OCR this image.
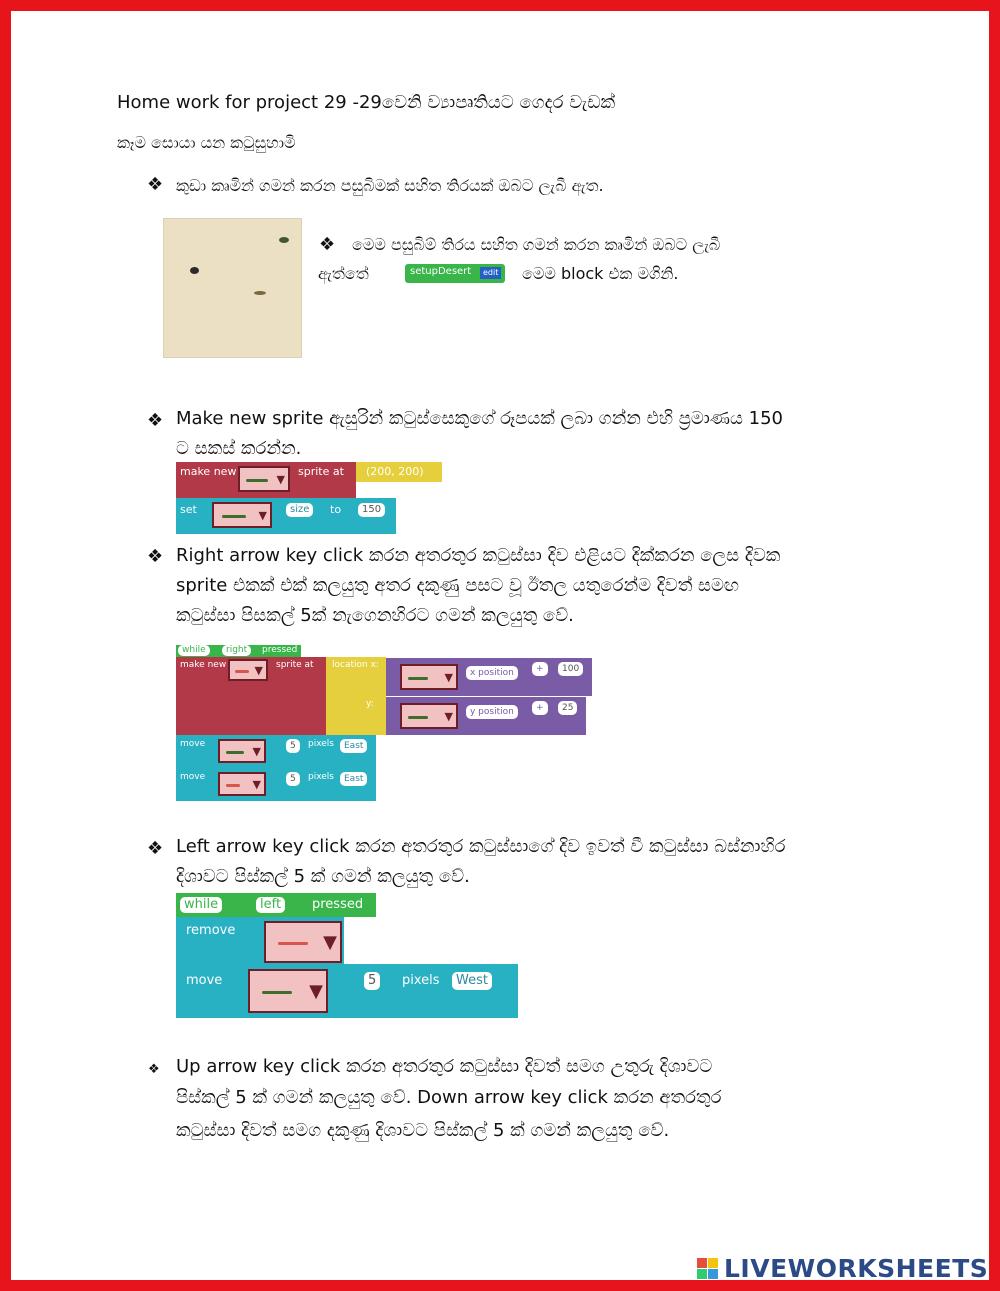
Home work for project 29 -29වෙනි ව්‍යාපෘතියට ගෙදර වැඩක්
කෑම සොයා යන කටුසුහාමි
❖ කුඩා කෘමින් ගමන් කරන පසුබිමක් සහිත තිරයක් ඔබට ලැබී ඇත.
❖ මෙම පසුබිම් තිරය සහිත ගමන් කරන කෘමින් ඔබට ලැබී
ඇත්තේ	setupDesert	edit මෙම block එක මගිනි.
❖ Make new sprite ඇසුරින් කටුස්සෙකුගේ රූපයක් ලබා ගන්න එහි ප්‍රමාණය 150
ට සකස් කරන්න.
make new
▼
sprite at (200, 200)
set	▼	size	to	150
❖ Right arrow key click කරන අතරතුර කටුස්සා දිව එළියට දික්කරන ලෙස දිවක
sprite එකක් එක් කලයුතු අතර දකුණු පසට වූ ඊතල යතුරෙන්ම දිවත් සමඟ
කටුස්සා පිසකල් 5ක් නැගෙනහිරට ගමන් කලයුතු වේ.
while	right	pressed
make new	▼	sprite at location x:
y:
▼	x position	+	100
▼	y position	+	25
move
▼	5	pixels	East
move
▼	5	pixels	East
❖ Left arrow key click කරන අතරතුර කටුස්සාගේ දිව ඉවත් වී කටුස්සා බස්නාහිර
දිශාවට පිස්කල් 5 ක් ගමන් කලයුතු වේ.
while	left	pressed
remove
▼
move	▼	5	pixels	West
❖ Up arrow key click කරන අතරතුර කටුස්සා දිවත් සමග උතුරු දිශාවට
පිස්කල් 5 ක් ගමන් කලයුතු වේ. Down arrow key click කරන අතරතුර
කටුස්සා දිවත් සමග දකුණු දිශාවට පිස්කල් 5 ක් ගමන් කලයුතු වේ.
LIVEWORKSHEETS
